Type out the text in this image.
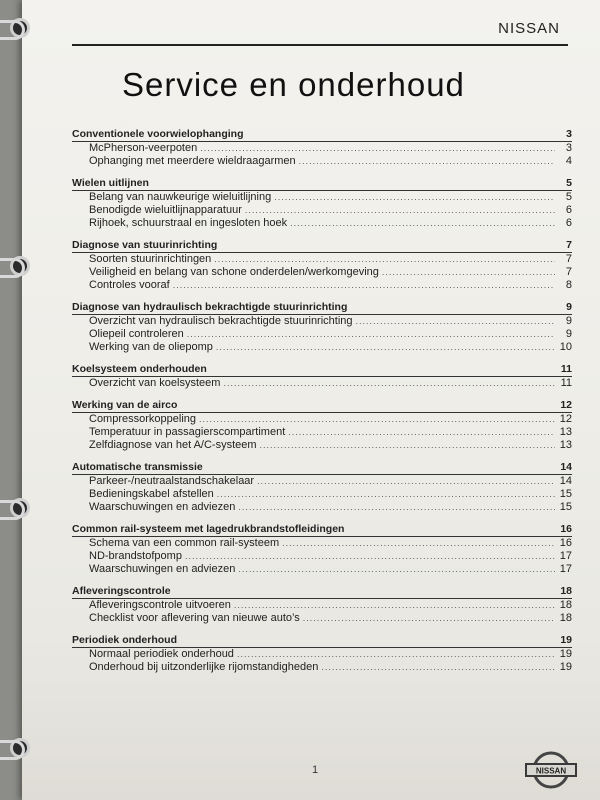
NISSAN
Service en onderhoud
Conventionele voorwielophanging	3
McPherson-veerpoten .....	3
Ophanging met meerdere wieldraagarmen .....	4
Wielen uitlijnen	5
Belang van nauwkeurige wieluitlijning .....	5
Benodigde wieluitlijnapparatuur .....	6
Rijhoek, schuurstraal en ingesloten hoek .....	6
Diagnose van stuurinrichting	7
Soorten stuurinrichtingen .....	7
Veiligheid en belang van schone onderdelen/werkomgeving .....	7
Controles vooraf .....	8
Diagnose van hydraulisch bekrachtigde stuurinrichting	9
Overzicht van hydraulisch bekrachtigde stuurinrichting .....	9
Oliepeil controleren .....	9
Werking van de oliepomp .....	10
Koelsysteem onderhouden	11
Overzicht van koelsysteem .....	11
Werking van de airco	12
Compressorkoppeling .....	12
Temperatuur in passagierscompartiment .....	13
Zelfdiagnose van het A/C-systeem .....	13
Automatische transmissie	14
Parkeer-/neutraalstandschakelaar .....	14
Bedieningskabel afstellen .....	15
Waarschuwingen en adviezen .....	15
Common rail-systeem met lagedrukbrandstofleidingen	16
Schema van een common rail-systeem .....	16
ND-brandstofpomp .....	17
Waarschuwingen en adviezen .....	17
Afleveringscontrole	18
Afleveringscontrole uitvoeren .....	18
Checklist voor aflevering van nieuwe auto’s .....	18
Periodiek onderhoud	19
Normaal periodiek onderhoud .....	19
Onderhoud bij uitzonderlijke rijomstandigheden .....	19
1	NISSAN
